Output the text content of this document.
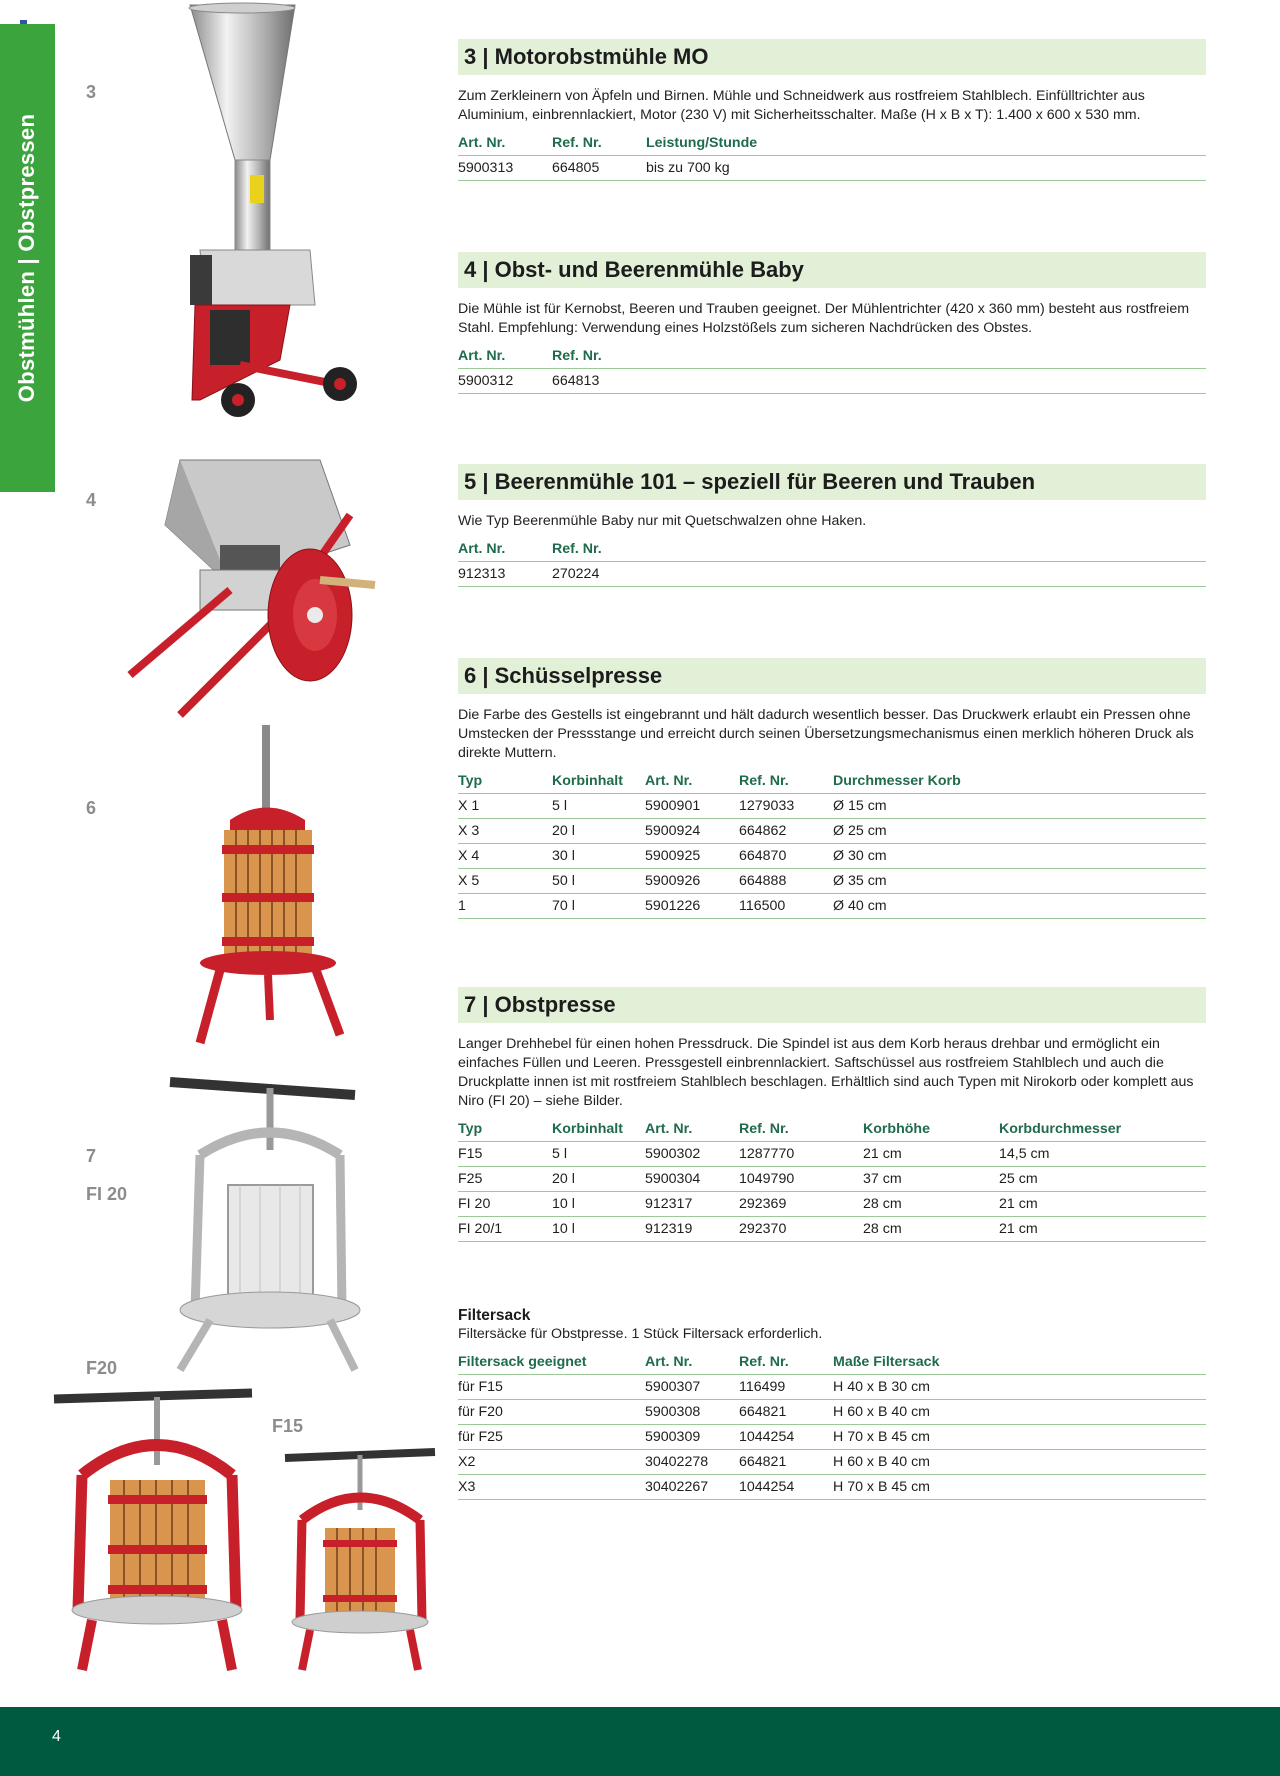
Obstmühlen | Obstpressen
3
4
6
7
FI 20
F20
F15
3 | Motorobstmühle MO
Zum Zerkleinern von Äpfeln und Birnen. Mühle und Schneidwerk aus rostfreiem Stahlblech. Einfülltrichter aus Aluminium, einbrennlackiert, Motor (230 V) mit Sicherheitsschalter. Maße (H x B x T): 1.400 x 600 x 530 mm.
Art. Nr.	Ref. Nr.	Leistung/Stunde
5900313	664805	bis zu 700 kg
4 | Obst- und Beerenmühle Baby
Die Mühle ist für Kernobst, Beeren und Trauben geeignet. Der Mühlentrichter (420 x 360 mm) besteht aus rostfreiem Stahl. Empfehlung: Verwendung eines Holzstößels zum sicheren Nachdrücken des Obstes.
Art. Nr.	Ref. Nr.
5900312	664813
5 | Beerenmühle 101 – speziell für Beeren und Trauben
Wie Typ Beerenmühle Baby nur mit Quetschwalzen ohne Haken.
Art. Nr.	Ref. Nr.
912313	270224
6 | Schüsselpresse
Die Farbe des Gestells ist eingebrannt und hält dadurch wesentlich besser. Das Druckwerk erlaubt ein Pressen ohne Umstecken der Pressstange und erreicht durch seinen Übersetzungsmechanismus einen merklich höheren Druck als direkte Muttern.
Typ	Korbinhalt	Art. Nr.	Ref. Nr.	Durchmesser Korb
X 1	5 l	5900901	1279033	Ø 15 cm
X 3	20 l	5900924	664862	Ø 25 cm
X 4	30 l	5900925	664870	Ø 30 cm
X 5	50 l	5900926	664888	Ø 35 cm
1	70 l	5901226	116500	Ø 40 cm
7 | Obstpresse
Langer Drehhebel für einen hohen Pressdruck. Die Spindel ist aus dem Korb heraus drehbar und ermöglicht ein einfaches Füllen und Leeren. Pressgestell einbrennlackiert. Saftschüssel aus rostfreiem Stahlblech und auch die Druckplatte innen ist mit rostfreiem Stahlblech beschlagen. Erhältlich sind auch Typen mit Nirokorb oder komplett aus Niro (FI 20) – siehe Bilder.
Typ	Korbinhalt	Art. Nr.	Ref. Nr.	Korbhöhe	Korbdurchmesser
F15	5 l	5900302	1287770	21 cm	14,5 cm
F25	20 l	5900304	1049790	37 cm	25 cm
FI 20	10 l	912317	292369	28 cm	21 cm
FI 20/1	10 l	912319	292370	28 cm	21 cm
Filtersack
Filtersäcke für Obstpresse. 1 Stück Filtersack erforderlich.
Filtersack geeignet	Art. Nr.	Ref. Nr.	Maße Filtersack
für F15	5900307	116499	H 40 x B 30 cm
für F20	5900308	664821	H 60 x B 40 cm
für F25	5900309	1044254	H 70 x B 45 cm
X2	30402278	664821	H 60 x B 40 cm
X3	30402267	1044254	H 70 x B 45 cm
4
